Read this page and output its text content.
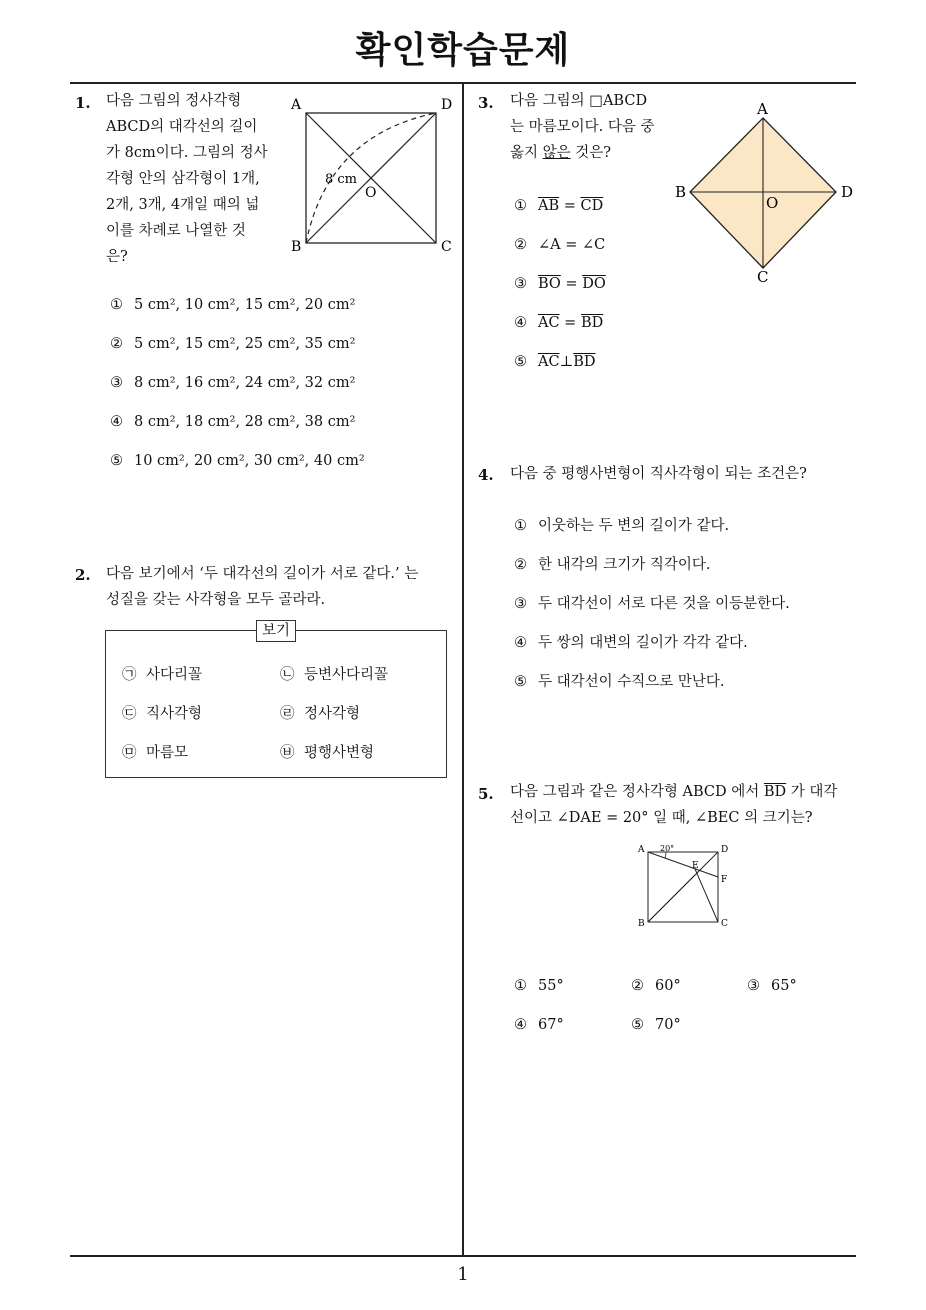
확인학습문제
1
1. 다음 그림의 정사각형
ABCD의 대각선의 길이
가 8cm이다. 그림의 정사
각형 안의 삼각형이 1개,
2개, 3개, 4개일 때의 넓
이를 차례로 나열한 것
은?
A	D
B	C
O
8 cm
① 5 cm², 10 cm², 15 cm², 20 cm²
② 5 cm², 15 cm², 25 cm², 35 cm²
③ 8 cm², 16 cm², 24 cm², 32 cm²
④ 8 cm², 18 cm², 28 cm², 38 cm²
⑤ 10 cm², 20 cm², 30 cm², 40 cm²
2. 다음 보기에서 ‘두 대각선의 길이가 서로 같다.’ 는
성질을 갖는 사각형을 모두 골라라.
보기
㉠ 사다리꼴	㉡ 등변사다리꼴
㉢ 직사각형	㉣ 정사각형
㉤ 마름모	㉥ 평행사변형
3. 다음 그림의 □ABCD
는 마름모이다. 다음 중
옳지 않은 것은?
A
B	D
C
O
① $\overline{AB} = \overline{CD}$
② ∠A = ∠C
③ $\overline{BO} = \overline{DO}$
④ $\overline{AC} = \overline{BD}$
⑤ $\overline{AC}\perp\overline{BD}$
4. 다음 중 평행사변형이 직사각형이 되는 조건은?
① 이웃하는 두 변의 길이가 같다.
② 한 내각의 크기가 직각이다.
③ 두 대각선이 서로 다른 것을 이등분한다.
④ 두 쌍의 대변의 길이가 각각 같다.
⑤ 두 대각선이 수직으로 만난다.
5. 다음 그림과 같은 정사각형 ABCD 에서 $\overline{BD}$ 가 대각
선이고 ∠DAE = 20° 일 때, ∠BEC 의 크기는?
A	D
B	C
E
F
20°
① 55°	② 60°	③ 65°
④ 67°	⑤ 70°
